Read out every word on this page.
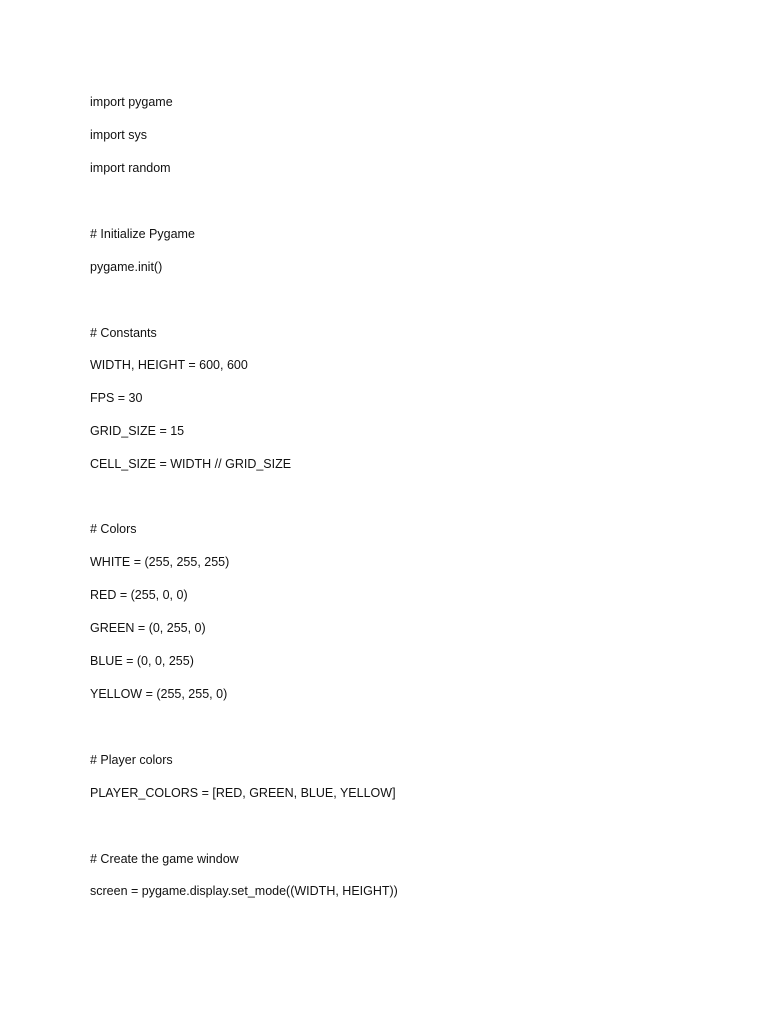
import pygame
import sys
import random
# Initialize Pygame
pygame.init()
# Constants
WIDTH, HEIGHT = 600, 600
FPS = 30
GRID_SIZE = 15
CELL_SIZE = WIDTH // GRID_SIZE
# Colors
WHITE = (255, 255, 255)
RED = (255, 0, 0)
GREEN = (0, 255, 0)
BLUE = (0, 0, 255)
YELLOW = (255, 255, 0)
# Player colors
PLAYER_COLORS = [RED, GREEN, BLUE, YELLOW]
# Create the game window
screen = pygame.display.set_mode((WIDTH, HEIGHT))
